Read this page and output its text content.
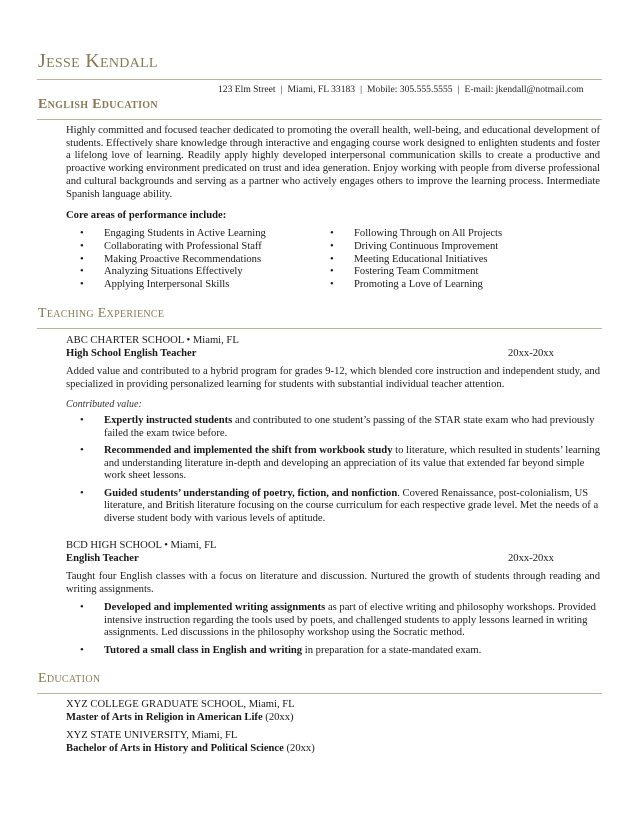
Jesse Kendall
123 Elm Street | Miami, FL 33183 | Mobile: 305.555.5555 | E-mail: jkendall@notmail.com
English Education
Highly committed and focused teacher dedicated to promoting the overall health, well-being, and educational development of students. Effectively share knowledge through interactive and engaging course work designed to enlighten students and foster a lifelong love of learning. Readily apply highly developed interpersonal communication skills to create a productive and proactive working environment predicated on trust and idea generation. Enjoy working with people from diverse professional and cultural backgrounds and serving as a partner who actively engages others to improve the learning process. Intermediate Spanish language ability.
Core areas of performance include:
•	Engaging Students in Active Learning
•	Collaborating with Professional Staff
•	Making Proactive Recommendations
•	Analyzing Situations Effectively
•	Applying Interpersonal Skills
•	Following Through on All Projects
•	Driving Continuous Improvement
•	Meeting Educational Initiatives
•	Fostering Team Commitment
•	Promoting a Love of Learning
Teaching Experience
ABC CHARTER SCHOOL • Miami, FL
High School English Teacher	20xx-20xx
Added value and contributed to a hybrid program for grades 9-12, which blended core instruction and independent study, and specialized in providing personalized learning for students with substantial individual teacher attention.
Contributed value:
•	Expertly instructed students and contributed to one student’s passing of the STAR state exam who had previously failed the exam twice before.
•	Recommended and implemented the shift from workbook study to literature, which resulted in students’ learning and understanding literature in-depth and developing an appreciation of its value that extended far beyond simple work sheet lessons.
•	Guided students’ understanding of poetry, fiction, and nonfiction. Covered Renaissance, post-colonialism, US literature, and British literature focusing on the course curriculum for each respective grade level. Met the needs of a diverse student body with various levels of aptitude.
BCD HIGH SCHOOL • Miami, FL
English Teacher	20xx-20xx
Taught four English classes with a focus on literature and discussion. Nurtured the growth of students through reading and writing assignments.
•	Developed and implemented writing assignments as part of elective writing and philosophy workshops. Provided intensive instruction regarding the tools used by poets, and challenged students to apply lessons learned in writing assignments. Led discussions in the philosophy workshop using the Socratic method.
•	Tutored a small class in English and writing in preparation for a state-mandated exam.
Education
XYZ COLLEGE GRADUATE SCHOOL, Miami, FL
Master of Arts in Religion in American Life (20xx)
XYZ STATE UNIVERSITY, Miami, FL
Bachelor of Arts in History and Political Science (20xx)
